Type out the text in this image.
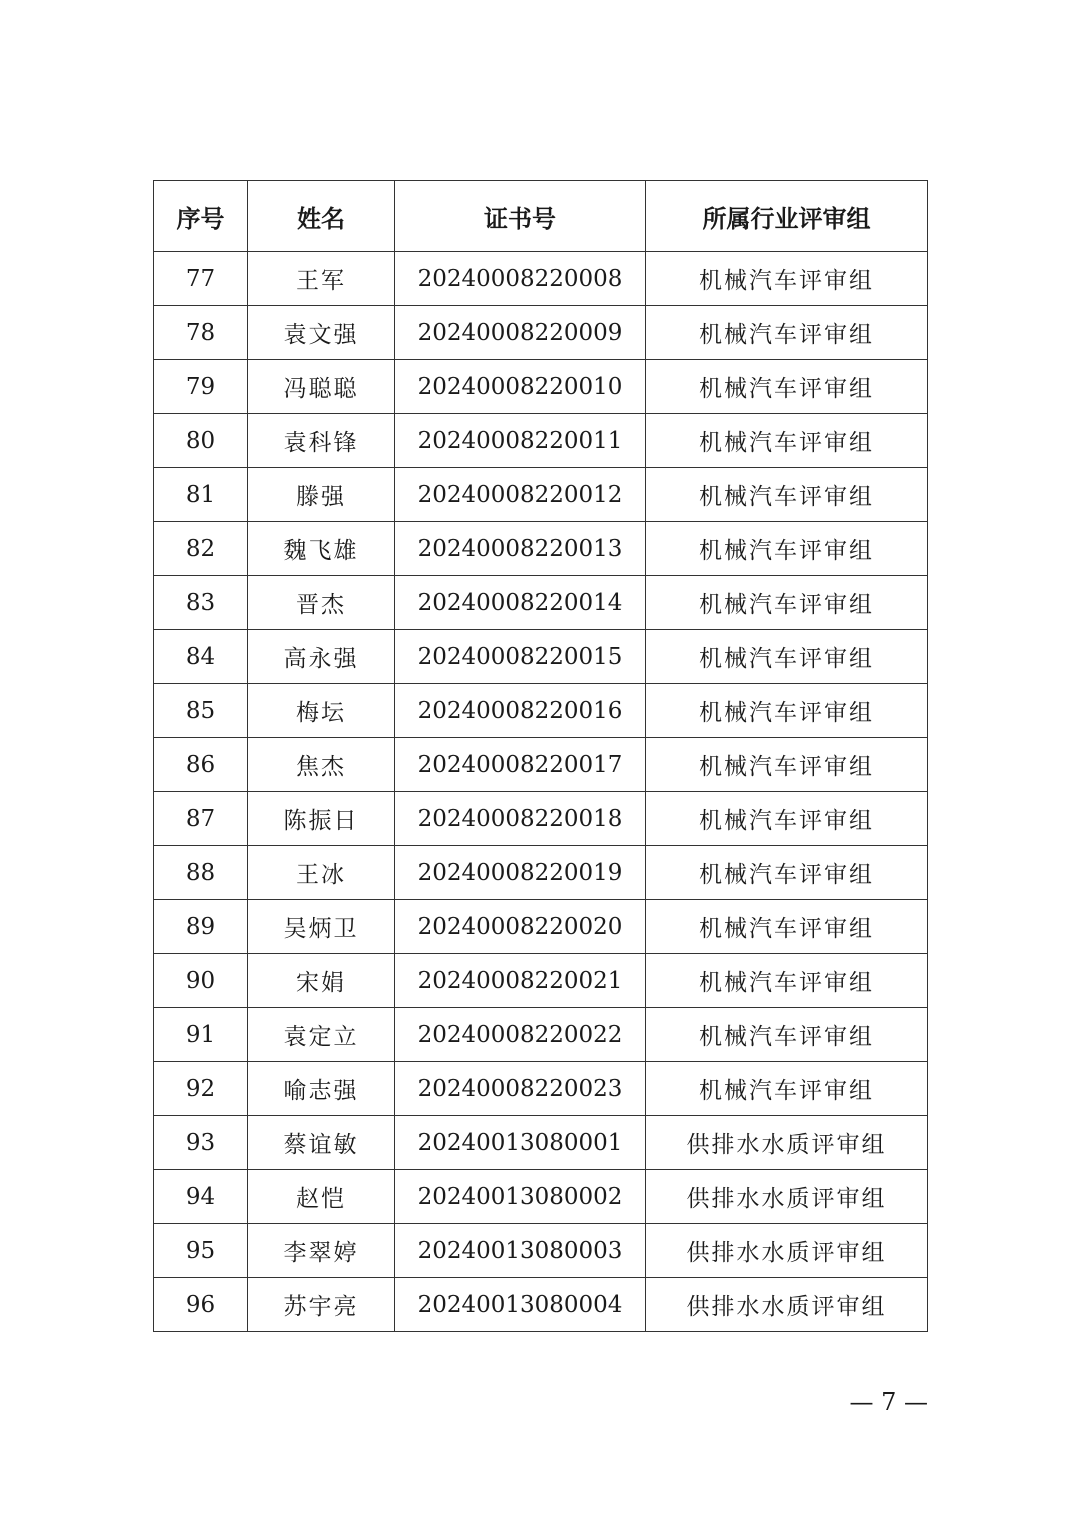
序号	姓名	证书号	所属行业评审组
77	王军	20240008220008	机械汽车评审组
78	袁文强	20240008220009	机械汽车评审组
79	冯聪聪	20240008220010	机械汽车评审组
80	袁科锋	20240008220011	机械汽车评审组
81	滕强	20240008220012	机械汽车评审组
82	魏飞雄	20240008220013	机械汽车评审组
83	晋杰	20240008220014	机械汽车评审组
84	高永强	20240008220015	机械汽车评审组
85	梅坛	20240008220016	机械汽车评审组
86	焦杰	20240008220017	机械汽车评审组
87	陈振日	20240008220018	机械汽车评审组
88	王冰	20240008220019	机械汽车评审组
89	吴炳卫	20240008220020	机械汽车评审组
90	宋娟	20240008220021	机械汽车评审组
91	袁定立	20240008220022	机械汽车评审组
92	喻志强	20240008220023	机械汽车评审组
93	蔡谊敏	20240013080001	供排水水质评审组
94	赵恺	20240013080002	供排水水质评审组
95	李翠婷	20240013080003	供排水水质评审组
96	苏宇亮	20240013080004	供排水水质评审组
— 7 —
